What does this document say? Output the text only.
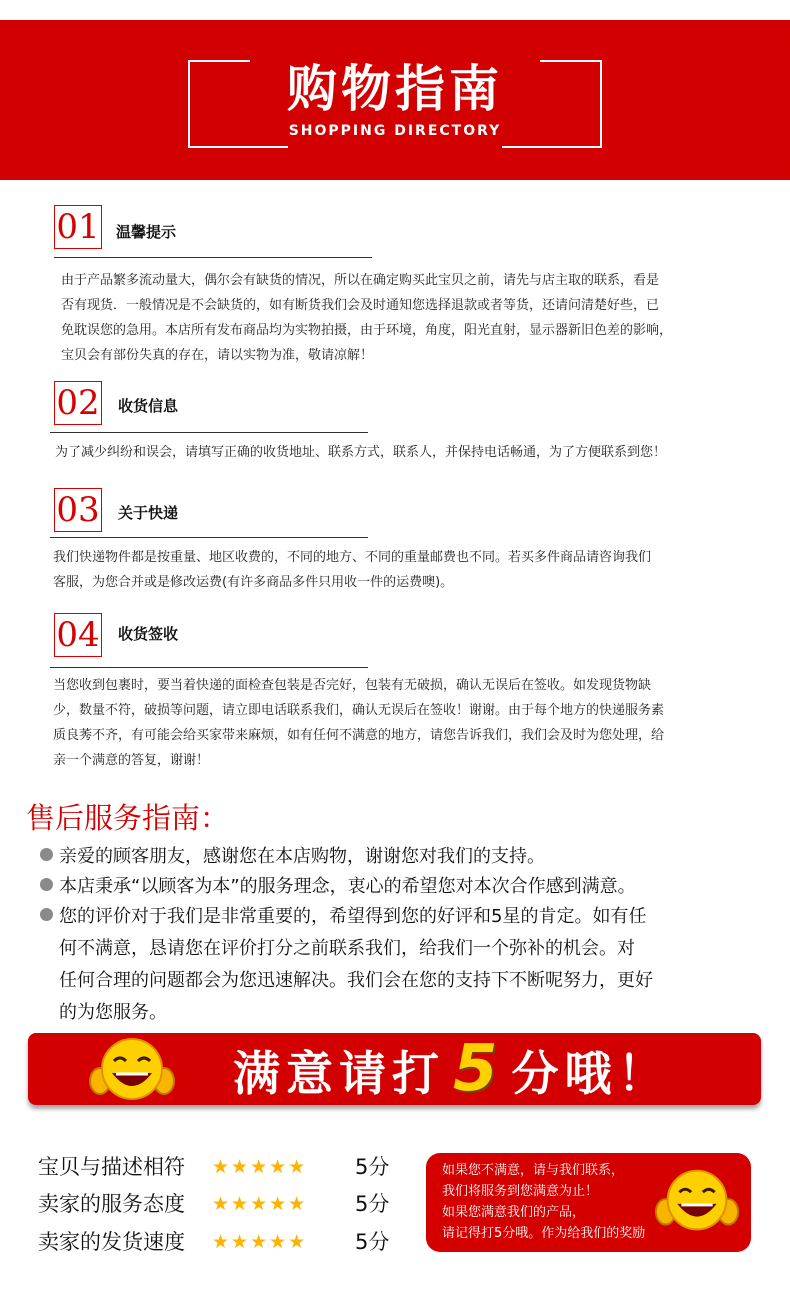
购物指南
SHOPPING DIRECTORY
01 温馨提示
由于产品繁多流动量大，偶尔会有缺货的情况，所以在确定购买此宝贝之前，请先与店主取的联系，看是
否有现货．一般情况是不会缺货的，如有断货我们会及时通知您选择退款或者等货，还请问清楚好些，已
免耽误您的急用。本店所有发布商品均为实物拍摄，由于环境，角度，阳光直射，显示器新旧色差的影响，
宝贝会有部份失真的存在，请以实物为准，敬请凉解！
02 收货信息
为了减少纠纷和误会，请填写正确的收货地址、联系方式，联系人，并保持电话畅通，为了方便联系到您！
03 关于快递
我们快递物件都是按重量、地区收费的，不同的地方、不同的重量邮费也不同。若买多件商品请咨询我们
客服，为您合并或是修改运费(有许多商品多件只用收一件的运费噢)。
04 收货签收
当您收到包裹时，要当着快递的面检查包装是否完好，包装有无破损，确认无误后在签收。如发现货物缺
少，数量不符，破损等问题，请立即电话联系我们，确认无误后在签收！谢谢。由于每个地方的快递服务素
质良莠不齐，有可能会给买家带来麻烦，如有任何不满意的地方，请您告诉我们，我们会及时为您处理，给
亲一个满意的答复，谢谢！
售后服务指南：
亲爱的顾客朋友，感谢您在本店购物，谢谢您对我们的支持。
本店秉承“以顾客为本”的服务理念，衷心的希望您对本次合作感到满意。
您的评价对于我们是非常重要的，希望得到您的好评和5星的肯定。如有任
何不满意，恳请您在评价打分之前联系我们，给我们一个弥补的机会。对
任何合理的问题都会为您迅速解决。我们会在您的支持下不断呢努力，更好
的为您服务。
满意请打 5 分哦！
宝贝与描述相符 ★★★★★ 5分
卖家的服务态度 ★★★★★ 5分
卖家的发货速度 ★★★★★ 5分
如果您不满意，请与我们联系，
我们将服务到您满意为止！
如果您满意我们的产品，
请记得打5分哦。作为给我们的奖励
